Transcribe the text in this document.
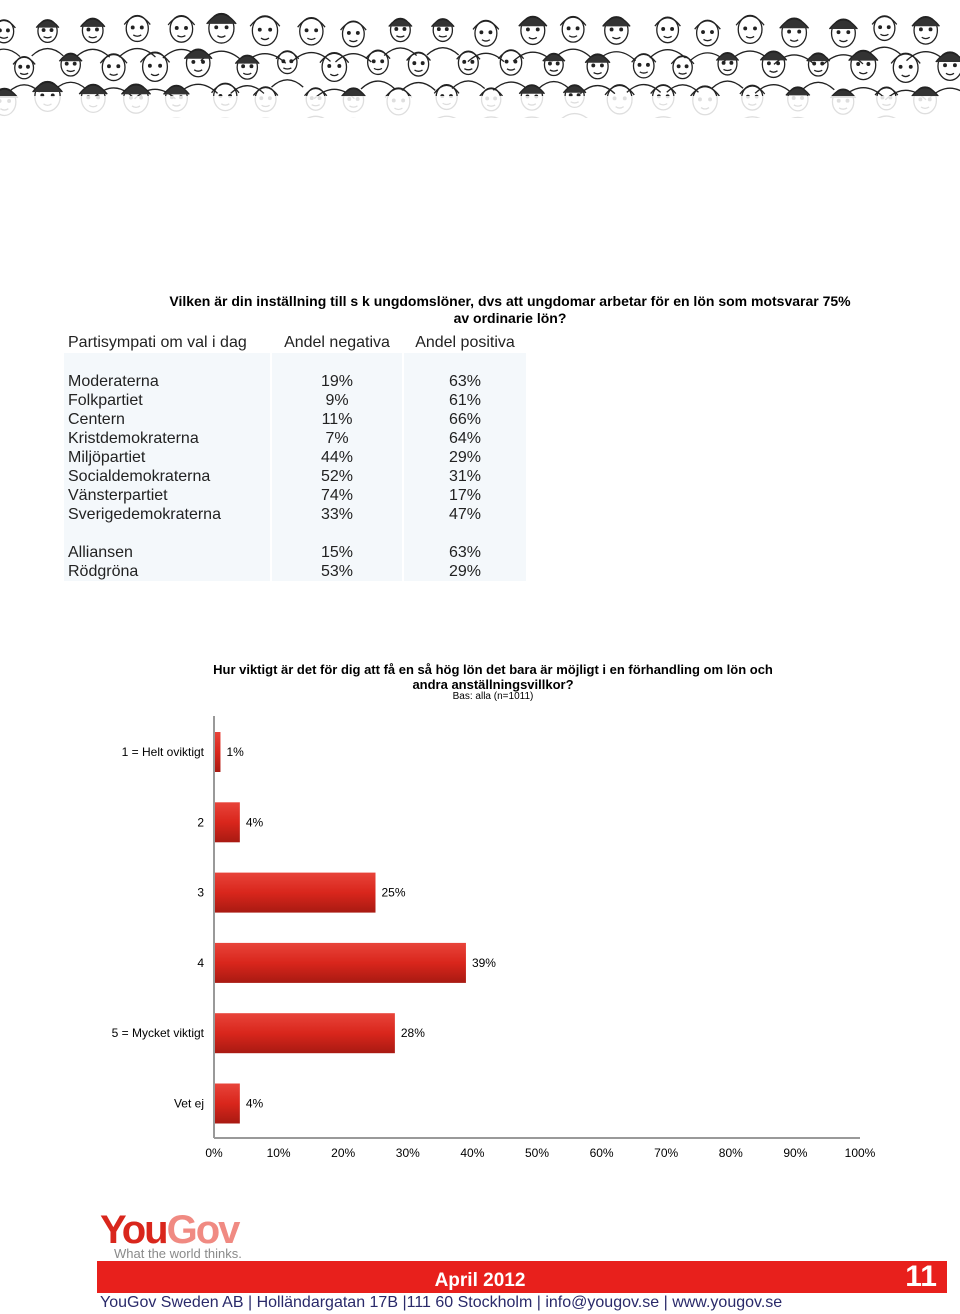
Vilken är din inställning till s k ungdomslöner, dvs att ungdomar arbetar för en lön som motsvarar 75% av ordinarie lön?
Partisympati om val i dag	Andel negativa	Andel positiva

Moderaterna	19%	63%
Folkpartiet	9%	61%
Centern	11%	66%
Kristdemokraterna	7%	64%
Miljöpartiet	44%	29%
Socialdemokraterna	52%	31%
Vänsterpartiet	74%	17%
Sverigedemokraterna	33%	47%

Alliansen	15%	63%
Rödgröna	53%	29%
Hur viktigt är det för dig att få en så hög lön det bara är möjligt i en förhandling om lön och andra anställningsvillkor?
Bas: alla (n=1011)
1 = Helt oviktigt 1%
2	4%
3	25%
4	39%
5 = Mycket viktigt	28%
Vet ej	4%
0%	10%	20%	30%	40%	50%	60%	70%	80%	90%	100%
YouGov
What the world thinks.
April 2012	11
YouGov Sweden AB | Holländargatan 17B |111 60 Stockholm | info@yougov.se | www.yougov.se
